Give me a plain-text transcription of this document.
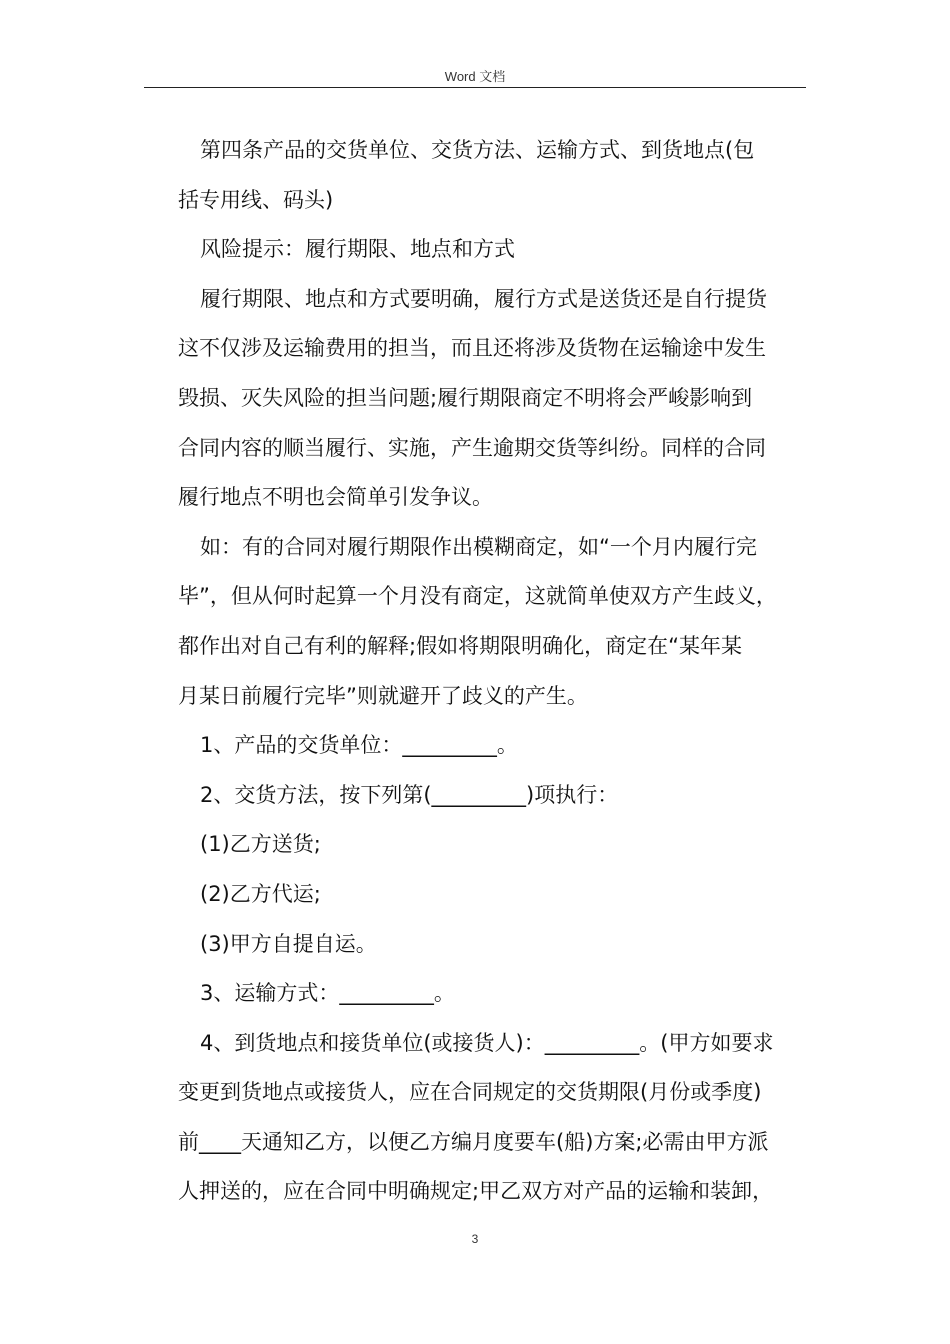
Word 文档
第四条产品的交货单位、交货方法、运输方式、到货地点(包
括专用线、码头)
风险提示：履行期限、地点和方式
履行期限、地点和方式要明确，履行方式是送货还是自行提货
这不仅涉及运输费用的担当，而且还将涉及货物在运输途中发生
毁损、灭失风险的担当问题;履行期限商定不明将会严峻影响到
合同内容的顺当履行、实施，产生逾期交货等纠纷。同样的合同
履行地点不明也会简单引发争议。
如：有的合同对履行期限作出模糊商定，如“一个月内履行完
毕”，但从何时起算一个月没有商定，这就简单使双方产生歧义，
都作出对自己有利的解释;假如将期限明确化，商定在“某年某
月某日前履行完毕”则就避开了歧义的产生。
1、产品的交货单位：_________。
2、交货方法，按下列第(_________)项执行：
(1)乙方送货;
(2)乙方代运;
(3)甲方自提自运。
3、运输方式：_________。
4、到货地点和接货单位(或接货人)：_________。(甲方如要求
变更到货地点或接货人，应在合同规定的交货期限(月份或季度)
前____天通知乙方，以便乙方编月度要车(船)方案;必需由甲方派
人押送的，应在合同中明确规定;甲乙双方对产品的运输和装卸，
3
